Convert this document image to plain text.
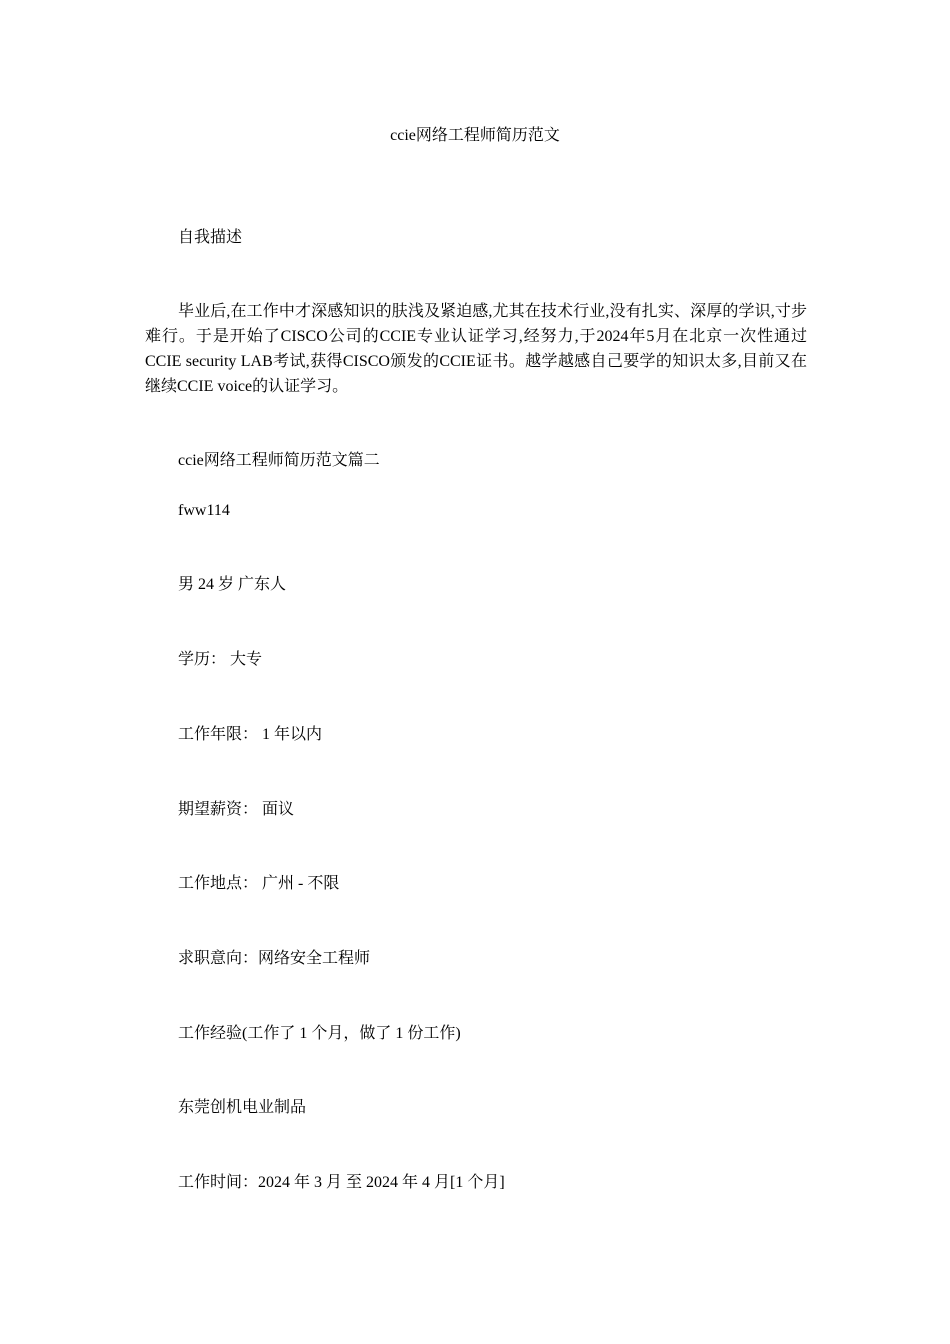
ccie网络工程师简历范文
自我描述
毕业后,在工作中才深感知识的肤浅及紧迫感,尤其在技术行业,没有扎实、深厚的学识,寸步难行。于是开始了CISCO公司的CCIE专业认证学习,经努力,于2024年5月在北京一次性通过CCIE security LAB考试,获得CISCO颁发的CCIE证书。越学越感自己要学的知识太多,目前又在继续CCIE voice的认证学习。
ccie网络工程师简历范文篇二
fww114
男 24 岁 广东人
学历： 大专
工作年限： 1 年以内
期望薪资： 面议
工作地点： 广州 - 不限
求职意向：网络安全工程师
工作经验(工作了 1 个月，做了 1 份工作)
东莞创机电业制品
工作时间：2024 年 3 月 至 2024 年 4 月[1 个月]
